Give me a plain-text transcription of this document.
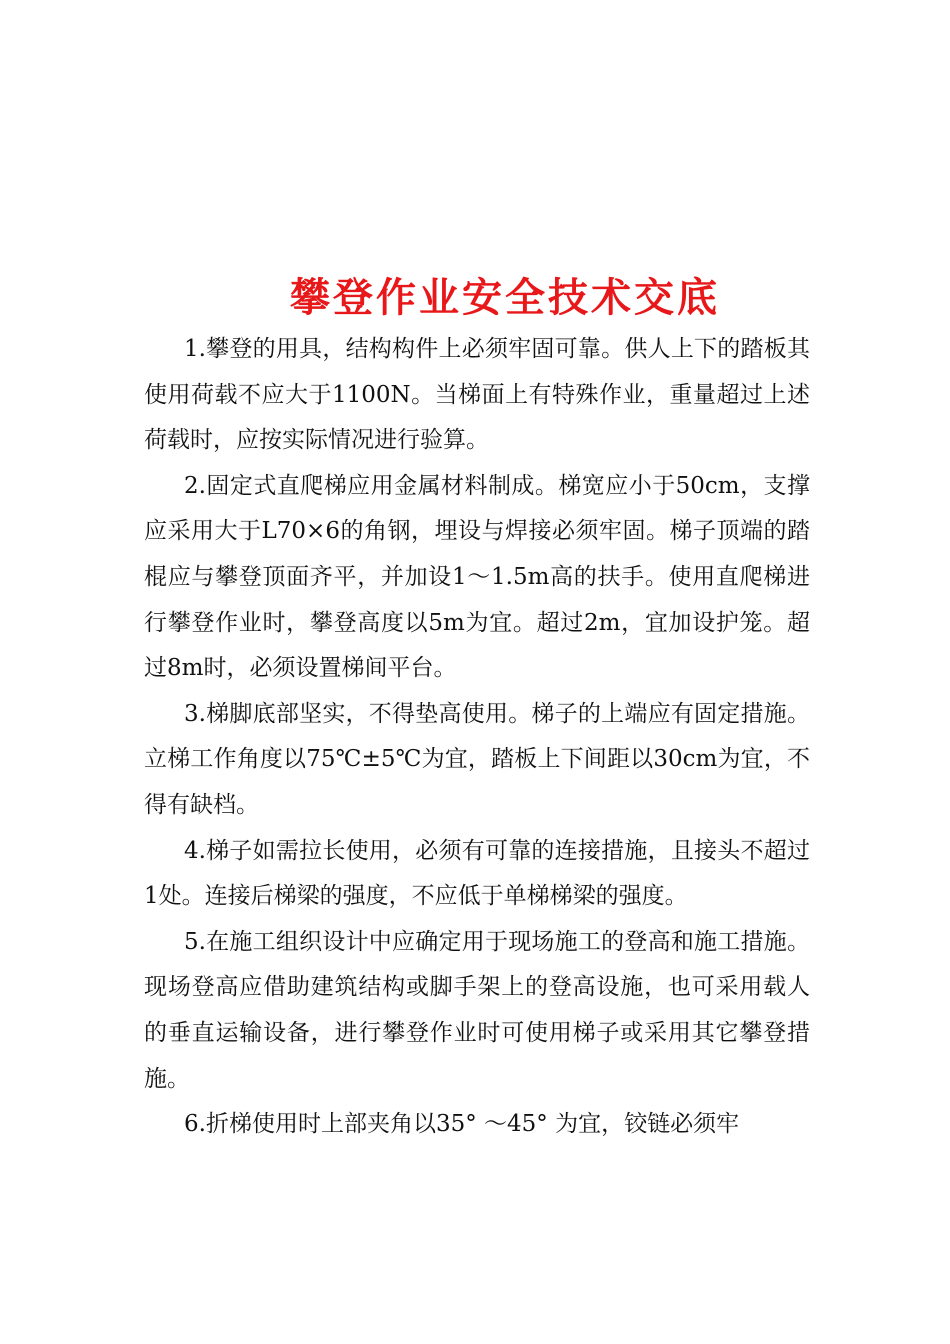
攀登作业安全技术交底

1.攀登的用具，结构构件上必须牢固可靠。供人上下的踏板其使用荷载不应大于1100N。当梯面上有特殊作业，重量超过上述荷载时，应按实际情况进行验算。

2.固定式直爬梯应用金属材料制成。梯宽应小于50cm，支撑应采用大于L70×6的角钢，埋设与焊接必须牢固。梯子顶端的踏棍应与攀登顶面齐平，并加设1～1.5m高的扶手。使用直爬梯进行攀登作业时，攀登高度以5m为宜。超过2m，宜加设护笼。超过8m时，必须设置梯间平台。

3.梯脚底部坚实，不得垫高使用。梯子的上端应有固定措施。立梯工作角度以75℃±5℃为宜，踏板上下间距以30cm为宜，不得有缺档。

4.梯子如需拉长使用，必须有可靠的连接措施，且接头不超过1处。连接后梯梁的强度，不应低于单梯梯梁的强度。

5.在施工组织设计中应确定用于现场施工的登高和施工措施。现场登高应借助建筑结构或脚手架上的登高设施，也可采用载人的垂直运输设备，进行攀登作业时可使用梯子或采用其它攀登措施。

6.折梯使用时上部夹角以35° ～45° 为宜，铰链必须牢
